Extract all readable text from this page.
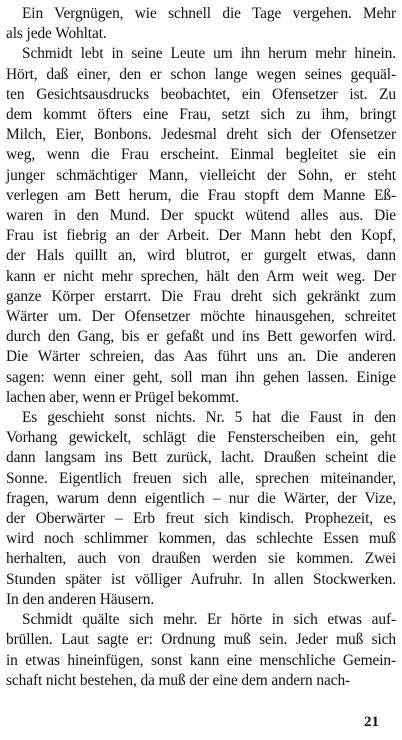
Ein Vergnügen, wie schnell die Tage vergehen. Mehr
als jede Wohltat.
Schmidt lebt in seine Leute um ihn herum mehr hinein.
Hört, daß einer, den er schon lange wegen seines gequäl-
ten Gesichtsausdrucks beobachtet, ein Ofensetzer ist. Zu
dem kommt öfters eine Frau, setzt sich zu ihm, bringt
Milch, Eier, Bonbons. Jedesmal dreht sich der Ofensetzer
weg, wenn die Frau erscheint. Einmal begleitet sie ein
junger schmächtiger Mann, vielleicht der Sohn, er steht
verlegen am Bett herum, die Frau stopft dem Manne Eß-
waren in den Mund. Der spuckt wütend alles aus. Die
Frau ist fiebrig an der Arbeit. Der Mann hebt den Kopf,
der Hals quillt an, wird blutrot, er gurgelt etwas, dann
kann er nicht mehr sprechen, hält den Arm weit weg. Der
ganze Körper erstarrt. Die Frau dreht sich gekränkt zum
Wärter um. Der Ofensetzer möchte hinausgehen, schreitet
durch den Gang, bis er gefaßt und ins Bett geworfen wird.
Die Wärter schreien, das Aas führt uns an. Die anderen
sagen: wenn einer geht, soll man ihn gehen lassen. Einige
lachen aber, wenn er Prügel bekommt.
Es geschieht sonst nichts. Nr. 5 hat die Faust in den
Vorhang gewickelt, schlägt die Fensterscheiben ein, geht
dann langsam ins Bett zurück, lacht. Draußen scheint die
Sonne. Eigentlich freuen sich alle, sprechen miteinander,
fragen, warum denn eigentlich – nur die Wärter, der Vize,
der Oberwärter – Erb freut sich kindisch. Prophezeit, es
wird noch schlimmer kommen, das schlechte Essen muß
herhalten, auch von draußen werden sie kommen. Zwei
Stunden später ist völliger Aufruhr. In allen Stockwerken.
In den anderen Häusern.
Schmidt quälte sich mehr. Er hörte in sich etwas auf-
brüllen. Laut sagte er: Ordnung muß sein. Jeder muß sich
in etwas hineinfügen, sonst kann eine menschliche Gemein-
schaft nicht bestehen, da muß der eine dem andern nach-
21
